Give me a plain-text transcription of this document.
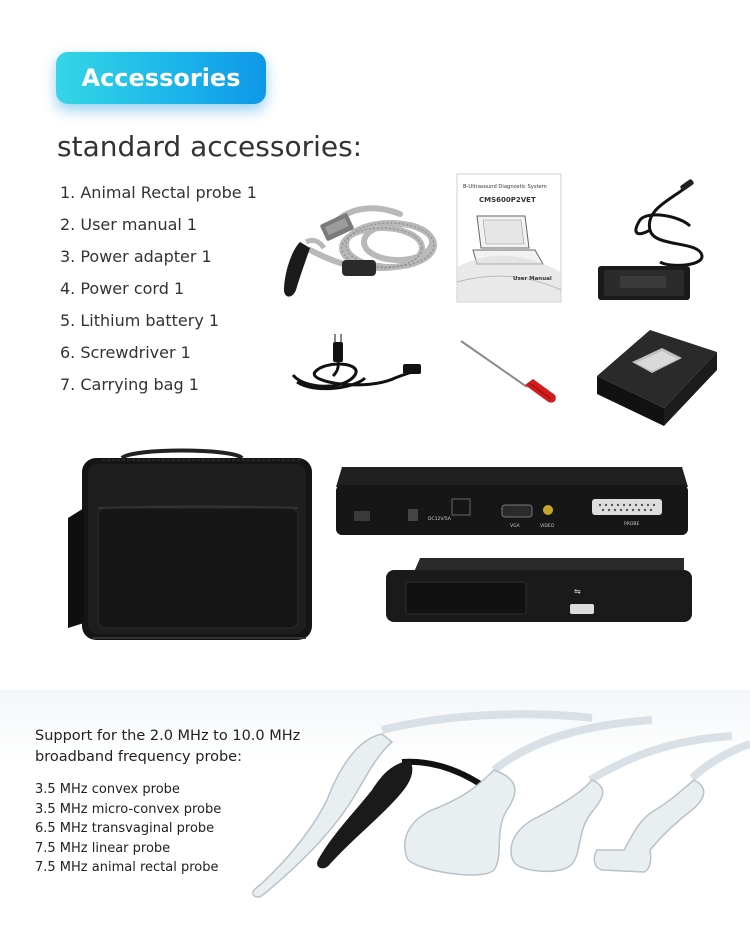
Accessories
standard accessories:
1. Animal Rectal probe 1
2. User manual 1
3. Power adapter 1
4. Power cord 1
5. Lithium battery 1
6. Screwdriver 1
7. Carrying bag 1
B-Ultrasound Diagnostic System
CMS600P2VET
User Manual
DC12V/5A
VGA	VIDEO	PROBE
⇋
Support for the 2.0 MHz to 10.0 MHz broadband frequency probe:
3.5 MHz convex probe
3.5 MHz micro-convex probe
6.5 MHz transvaginal probe
7.5 MHz linear probe
7.5 MHz animal rectal probe
